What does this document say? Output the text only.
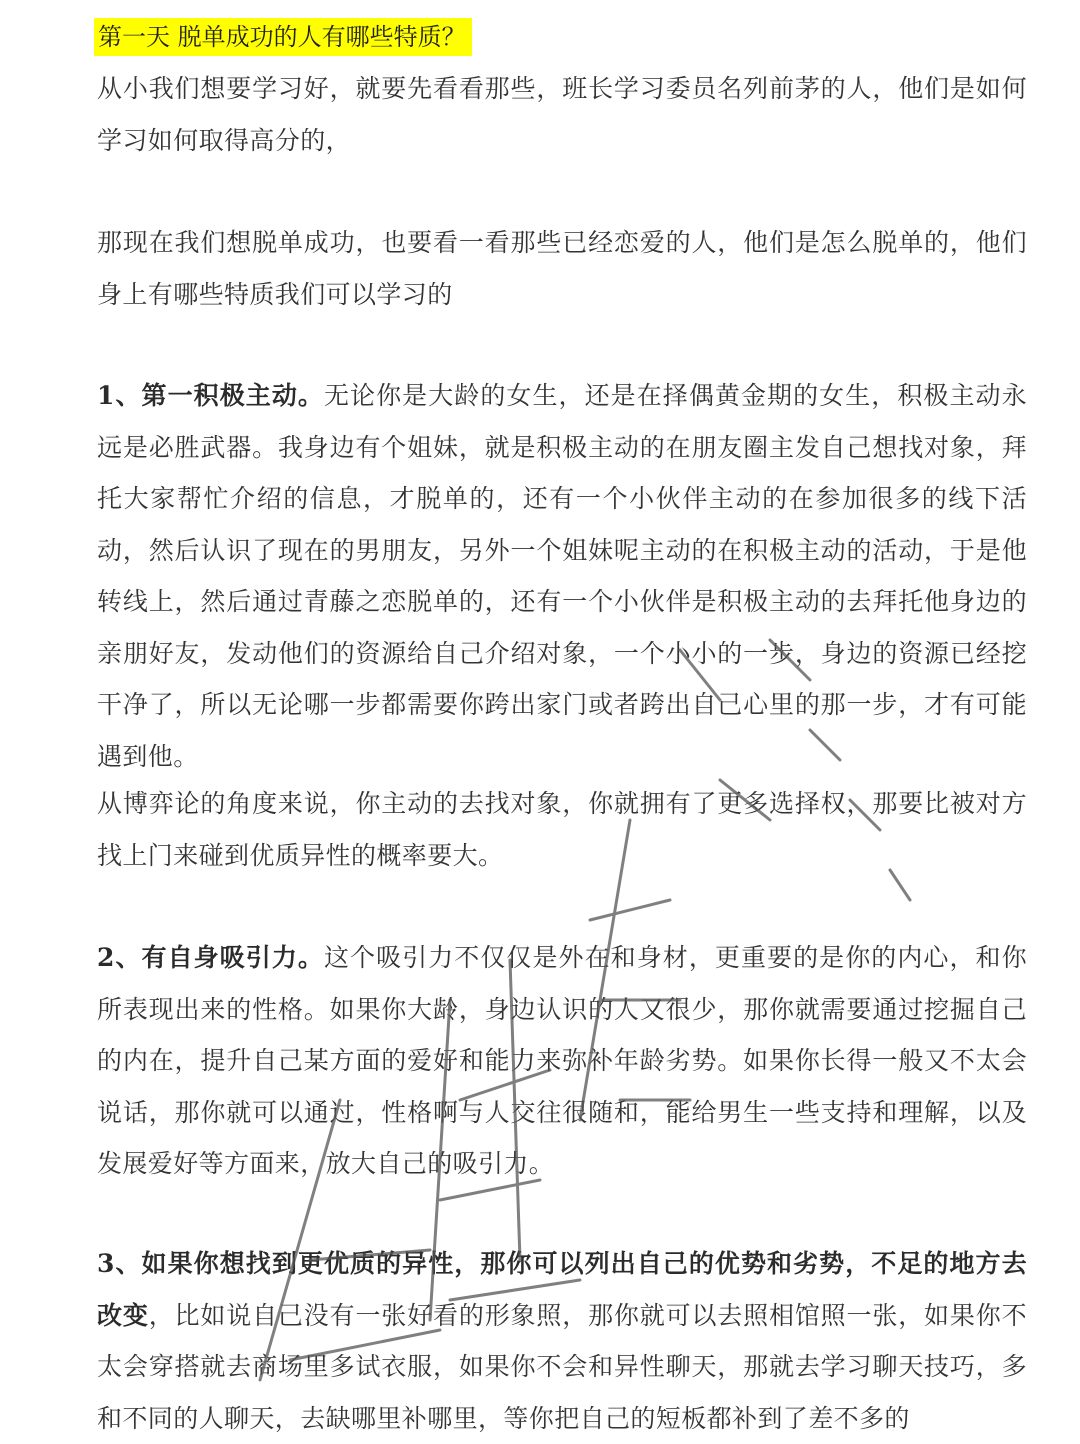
第一天 脱单成功的人有哪些特质？

从小我们想要学习好，就要先看看那些，班长学习委员名列前茅的人，他们是如何学习如何取得高分的，

那现在我们想脱单成功，也要看一看那些已经恋爱的人，他们是怎么脱单的，他们身上有哪些特质我们可以学习的

1、第一积极主动。无论你是大龄的女生，还是在择偶黄金期的女生，积极主动永远是必胜武器。我身边有个姐妹，就是积极主动的在朋友圈主发自己想找对象，拜托大家帮忙介绍的信息，才脱单的，还有一个小伙伴主动的在参加很多的线下活动，然后认识了现在的男朋友，另外一个姐妹呢主动的在积极主动的活动，于是他转线上，然后通过青藤之恋脱单的，还有一个小伙伴是积极主动的去拜托他身边的亲朋好友，发动他们的资源给自己介绍对象，一个小小的一步，身边的资源已经挖干净了，所以无论哪一步都需要你跨出家门或者跨出自己心里的那一步，才有可能遇到他。

从博弈论的角度来说，你主动的去找对象，你就拥有了更多选择权，那要比被对方找上门来碰到优质异性的概率要大。

2、有自身吸引力。这个吸引力不仅仅是外在和身材，更重要的是你的内心，和你所表现出来的性格。如果你大龄，身边认识的人又很少，那你就需要通过挖掘自己的内在，提升自己某方面的爱好和能力来弥补年龄劣势。如果你长得一般又不太会说话，那你就可以通过，性格啊与人交往很随和，能给男生一些支持和理解，以及发展爱好等方面来，放大自己的吸引力。

3、如果你想找到更优质的异性，那你可以列出自己的优势和劣势，不足的地方去改变，比如说自己没有一张好看的形象照，那你就可以去照相馆照一张，如果你不太会穿搭就去商场里多试衣服，如果你不会和异性聊天，那就去学习聊天技巧，多和不同的人聊天，去缺哪里补哪里，等你把自己的短板都补到了差不多的
